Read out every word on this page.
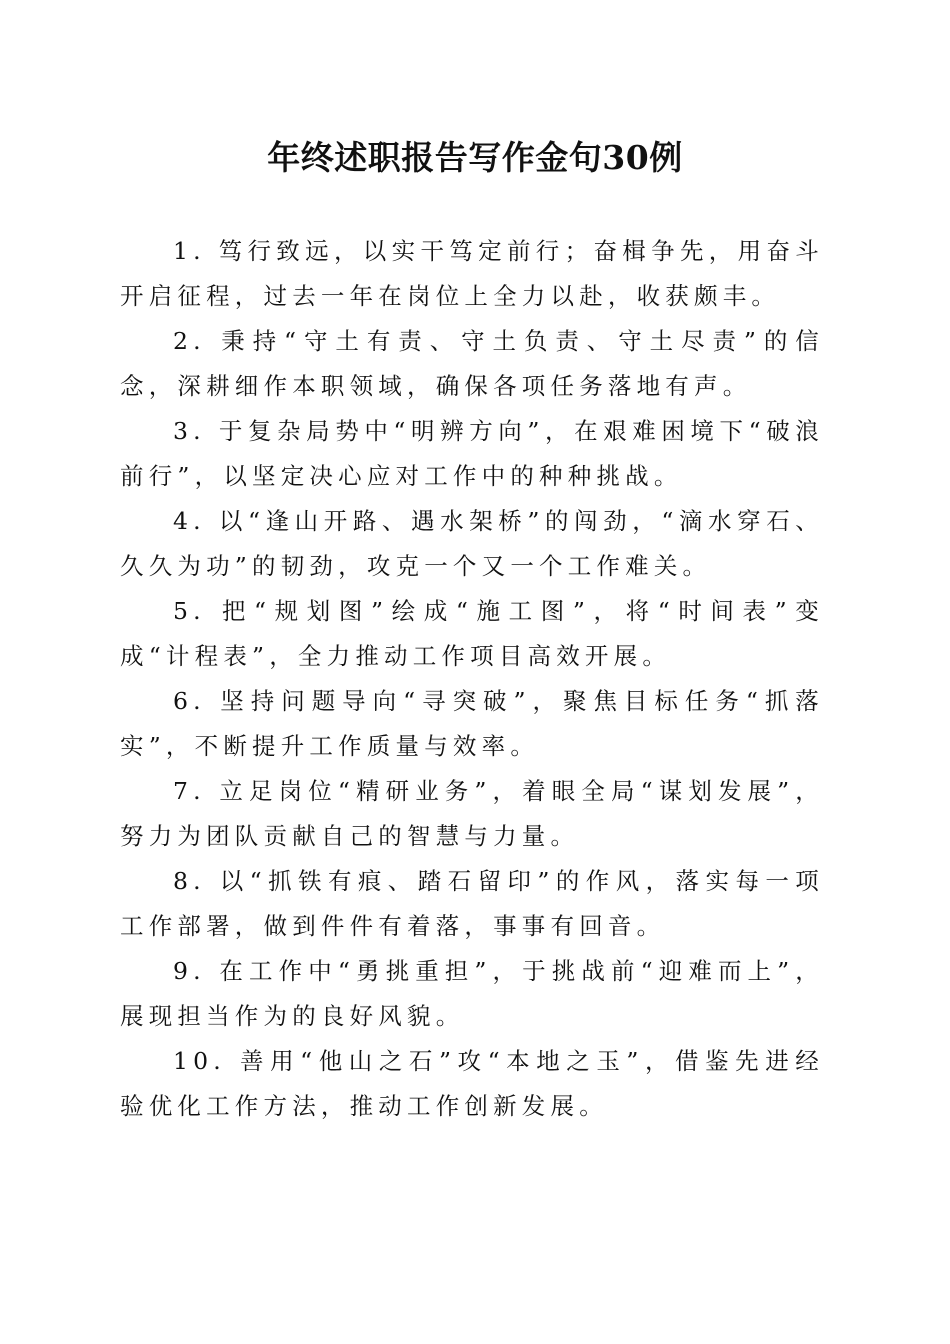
年终述职报告写作金句30例

1. 笃行致远，以实干笃定前行；奋楫争先，用奋斗开启征程，过去一年在岗位上全力以赴，收获颇丰。

2. 秉持“守土有责、守土负责、守土尽责”的信念，深耕细作本职领域，确保各项任务落地有声。

3. 于复杂局势中“明辨方向”，在艰难困境下“破浪前行”，以坚定决心应对工作中的种种挑战。

4. 以“逢山开路、遇水架桥”的闯劲，“滴水穿石、久久为功”的韧劲，攻克一个又一个工作难关。

5. 把“规划图”绘成“施工图”，将“时间表”变成“计程表”，全力推动工作项目高效开展。

6. 坚持问题导向“寻突破”，聚焦目标任务“抓落实”，不断提升工作质量与效率。

7. 立足岗位“精研业务”，着眼全局“谋划发展”，努力为团队贡献自己的智慧与力量。

8. 以“抓铁有痕、踏石留印”的作风，落实每一项工作部署，做到件件有着落，事事有回音。

9. 在工作中“勇挑重担”，于挑战前“迎难而上”，展现担当作为的良好风貌。

10. 善用“他山之石”攻“本地之玉”，借鉴先进经验优化工作方法，推动工作创新发展。
